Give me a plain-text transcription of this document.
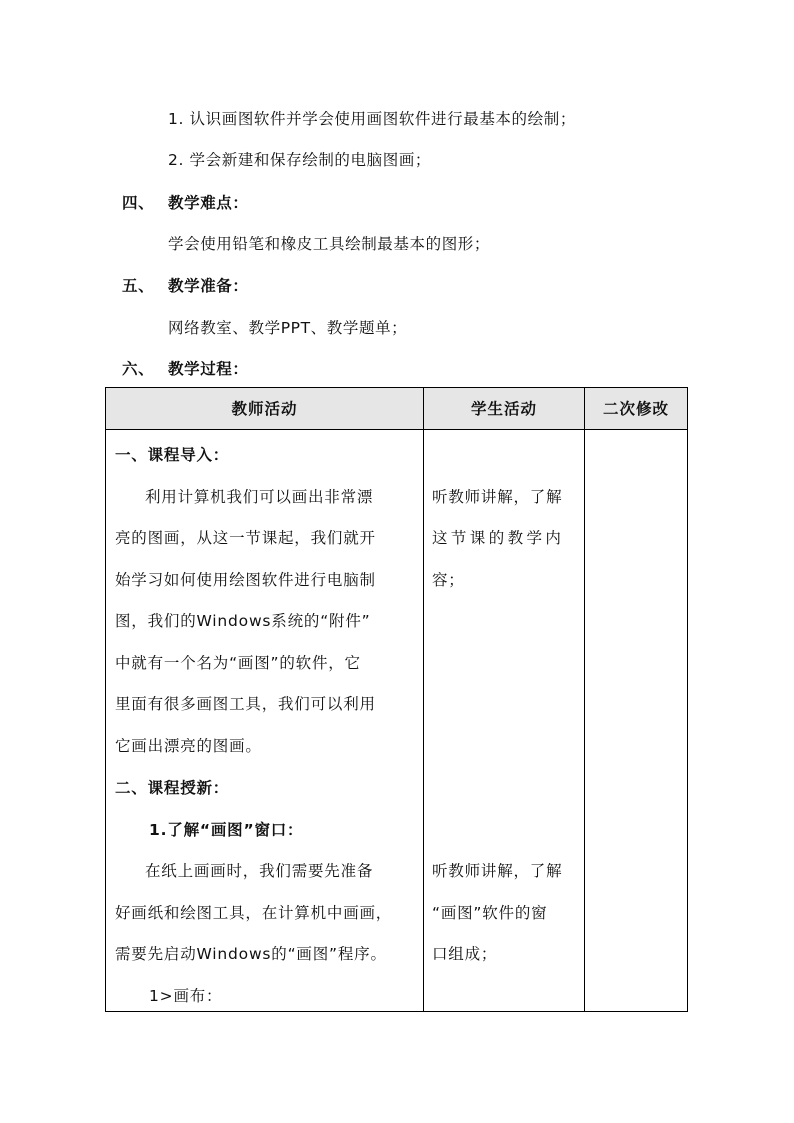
1. 认识画图软件并学会使用画图软件进行最基本的绘制；
2. 学会新建和保存绘制的电脑图画；
四、 教学难点：
学会使用铅笔和橡皮工具绘制最基本的图形；
五、 教学准备：
网络教室、教学PPT、教学题单；
六、 教学过程：
教师活动	学生活动	二次修改
一、课程导入：
利用计算机我们可以画出非常漂
亮的图画，从这一节课起，我们就开
始学习如何使用绘图软件进行电脑制
图，我们的Windows系统的“附件”
中就有一个名为“画图”的软件，它
里面有很多画图工具，我们可以利用
它画出漂亮的图画。
二、课程授新：
1.了解“画图”窗口：
在纸上画画时，我们需要先准备
好画纸和绘图工具，在计算机中画画，
需要先启动Windows的“画图”程序。
1>画布：
听教师讲解，了解
这节课的教学内
容；
听教师讲解，了解
“画图”软件的窗
口组成；
